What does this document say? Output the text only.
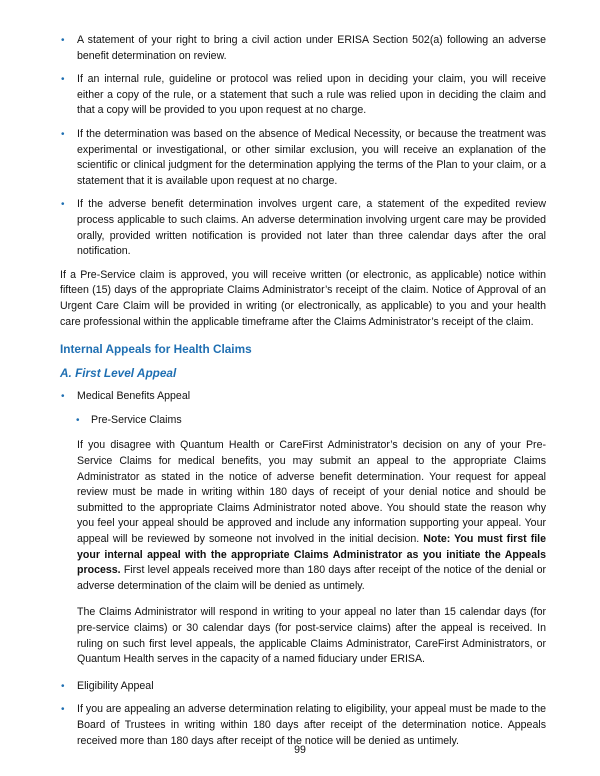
• A statement of your right to bring a civil action under ERISA Section 502(a) following an adverse benefit determination on review.

• If an internal rule, guideline or protocol was relied upon in deciding your claim, you will receive either a copy of the rule, or a statement that such a rule was relied upon in deciding the claim and that a copy will be provided to you upon request at no charge.

• If the determination was based on the absence of Medical Necessity, or because the treatment was experimental or investigational, or other similar exclusion, you will receive an explanation of the scientific or clinical judgment for the determination applying the terms of the Plan to your claim, or a statement that it is available upon request at no charge.

• If the adverse benefit determination involves urgent care, a statement of the expedited review process applicable to such claims. An adverse determination involving urgent care may be provided orally, provided written notification is provided not later than three calendar days after the oral notification.

If a Pre-Service claim is approved, you will receive written (or electronic, as applicable) notice within fifteen (15) days of the appropriate Claims Administrator’s receipt of the claim. Notice of Approval of an Urgent Care Claim will be provided in writing (or electronically, as applicable) to you and your health care professional within the applicable timeframe after the Claims Administrator’s receipt of the claim.

Internal Appeals for Health Claims
A. First Level Appeal
• Medical Benefits Appeal
• Pre-Service Claims

If you disagree with Quantum Health or CareFirst Administrator’s decision on any of your Pre-Service Claims for medical benefits, you may submit an appeal to the appropriate Claims Administrator as stated in the notice of adverse benefit determination. Your request for appeal review must be made in writing within 180 days of receipt of your denial notice and should be submitted to the appropriate Claims Administrator noted above. You should state the reason why you feel your appeal should be approved and include any information supporting your appeal. Your appeal will be reviewed by someone not involved in the initial decision. Note: You must first file your internal appeal with the appropriate Claims Administrator as you initiate the Appeals process. First level appeals received more than 180 days after receipt of the notice of the denial or adverse determination of the claim will be denied as untimely.

The Claims Administrator will respond in writing to your appeal no later than 15 calendar days (for pre-service claims) or 30 calendar days (for post-service claims) after the appeal is received. In ruling on such first level appeals, the applicable Claims Administrator, CareFirst Administrators, or Quantum Health serves in the capacity of a named fiduciary under ERISA.

• Eligibility Appeal

• If you are appealing an adverse determination relating to eligibility, your appeal must be made to the Board of Trustees in writing within 180 days after receipt of the determination notice. Appeals received more than 180 days after receipt of the notice will be denied as untimely.

99
